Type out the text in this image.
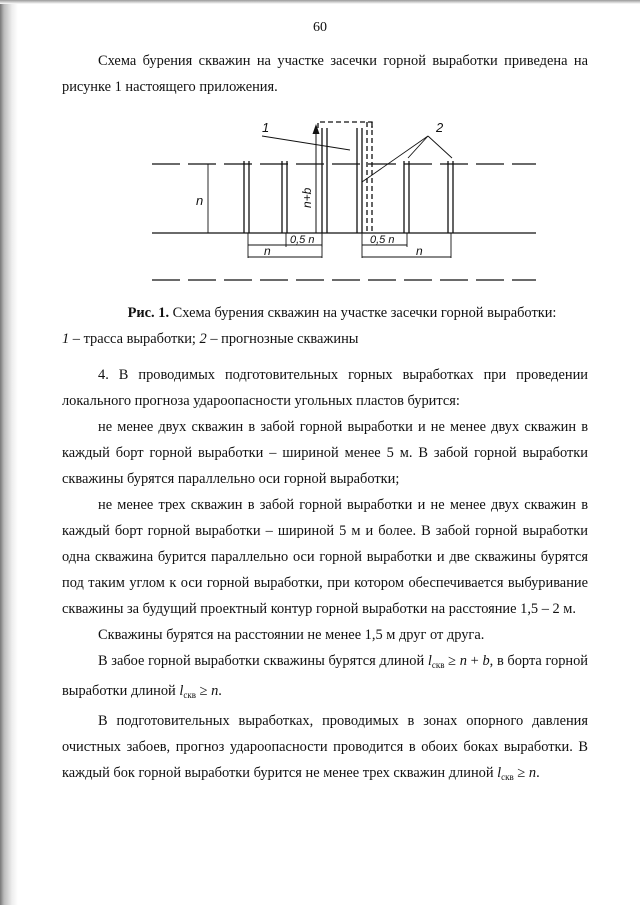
60

Схема бурения скважин на участке засечки горной выработки приведена на рисунке 1 настоящего приложения.

1	2
n	n+b
0,5 n	0,5 n
n	n
Рис. 1. Схема бурения скважин на участке засечки горной выработки:
1 – трасса выработки; 2 – прогнозные скважины

4. В проводимых подготовительных горных выработках при проведении локального прогноза удароопасности угольных пластов бурится:

не менее двух скважин в забой горной выработки и не менее двух скважин в каждый борт горной выработки – шириной менее 5 м. В забой горной выработки скважины бурятся параллельно оси горной выработки;

не менее трех скважин в забой горной выработки и не менее двух скважин в каждый борт горной выработки – шириной 5 м и более. В забой горной выработки одна скважина бурится параллельно оси горной выработки и две скважины бурятся под таким углом к оси горной выработки, при котором обеспечивается выбуривание скважины за будущий проектный контур горной выработки на расстояние 1,5 – 2 м.

Скважины бурятся на расстоянии не менее 1,5 м друг от друга.

В забое горной выработки скважины бурятся длиной $l_{скв} \ge n + b$, в борта горной выработки длиной $l_{скв} \ge n$.

В подготовительных выработках, проводимых в зонах опорного давления очистных забоев, прогноз удароопасности проводится в обоих боках выработки. В каждый бок горной выработки бурится не менее трех скважин длиной $l_{скв} \ge n$.
